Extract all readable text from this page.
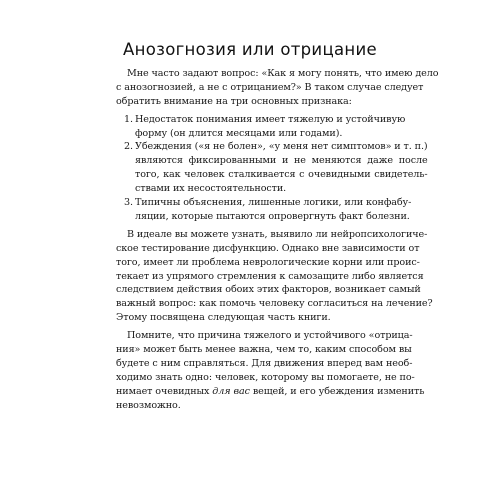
Анозогнозия или отрицание
Мне часто задают вопрос: «Как я могу понять, что имею дело
с анозогнозией, а не с отрицанием?» В таком случае следует
обратить внимание на три основных признака:
1. Недостаток понимания имеет тяжелую и устойчивую
форму (он длится месяцами или годами).
2. Убеждения («я не болен», «у меня нет симптомов» и т. п.)
являются фиксированными и не меняются даже после
того, как человек сталкивается с очевидными свидетель-
ствами их несостоятельности.
3. Типичны объяснения, лишенные логики, или конфабу-
ляции, которые пытаются опровергнуть факт болезни.
В идеале вы можете узнать, выявило ли нейропсихологиче-
ское тестирование дисфункцию. Однако вне зависимости от
того, имеет ли проблема неврологические корни или проис-
текает из упрямого стремления к самозащите либо является
следствием действия обоих этих факторов, возникает самый
важный вопрос: как помочь человеку согласиться на лечение?
Этому посвящена следующая часть книги.
Помните, что причина тяжелого и устойчивого «отрица-
ния» может быть менее важна, чем то, каким способом вы
будете с ним справляться. Для движения вперед вам необ-
ходимо знать одно: человек, которому вы помогаете, не по-
нимает очевидных для вас вещей, и его убеждения изменить
невозможно.
